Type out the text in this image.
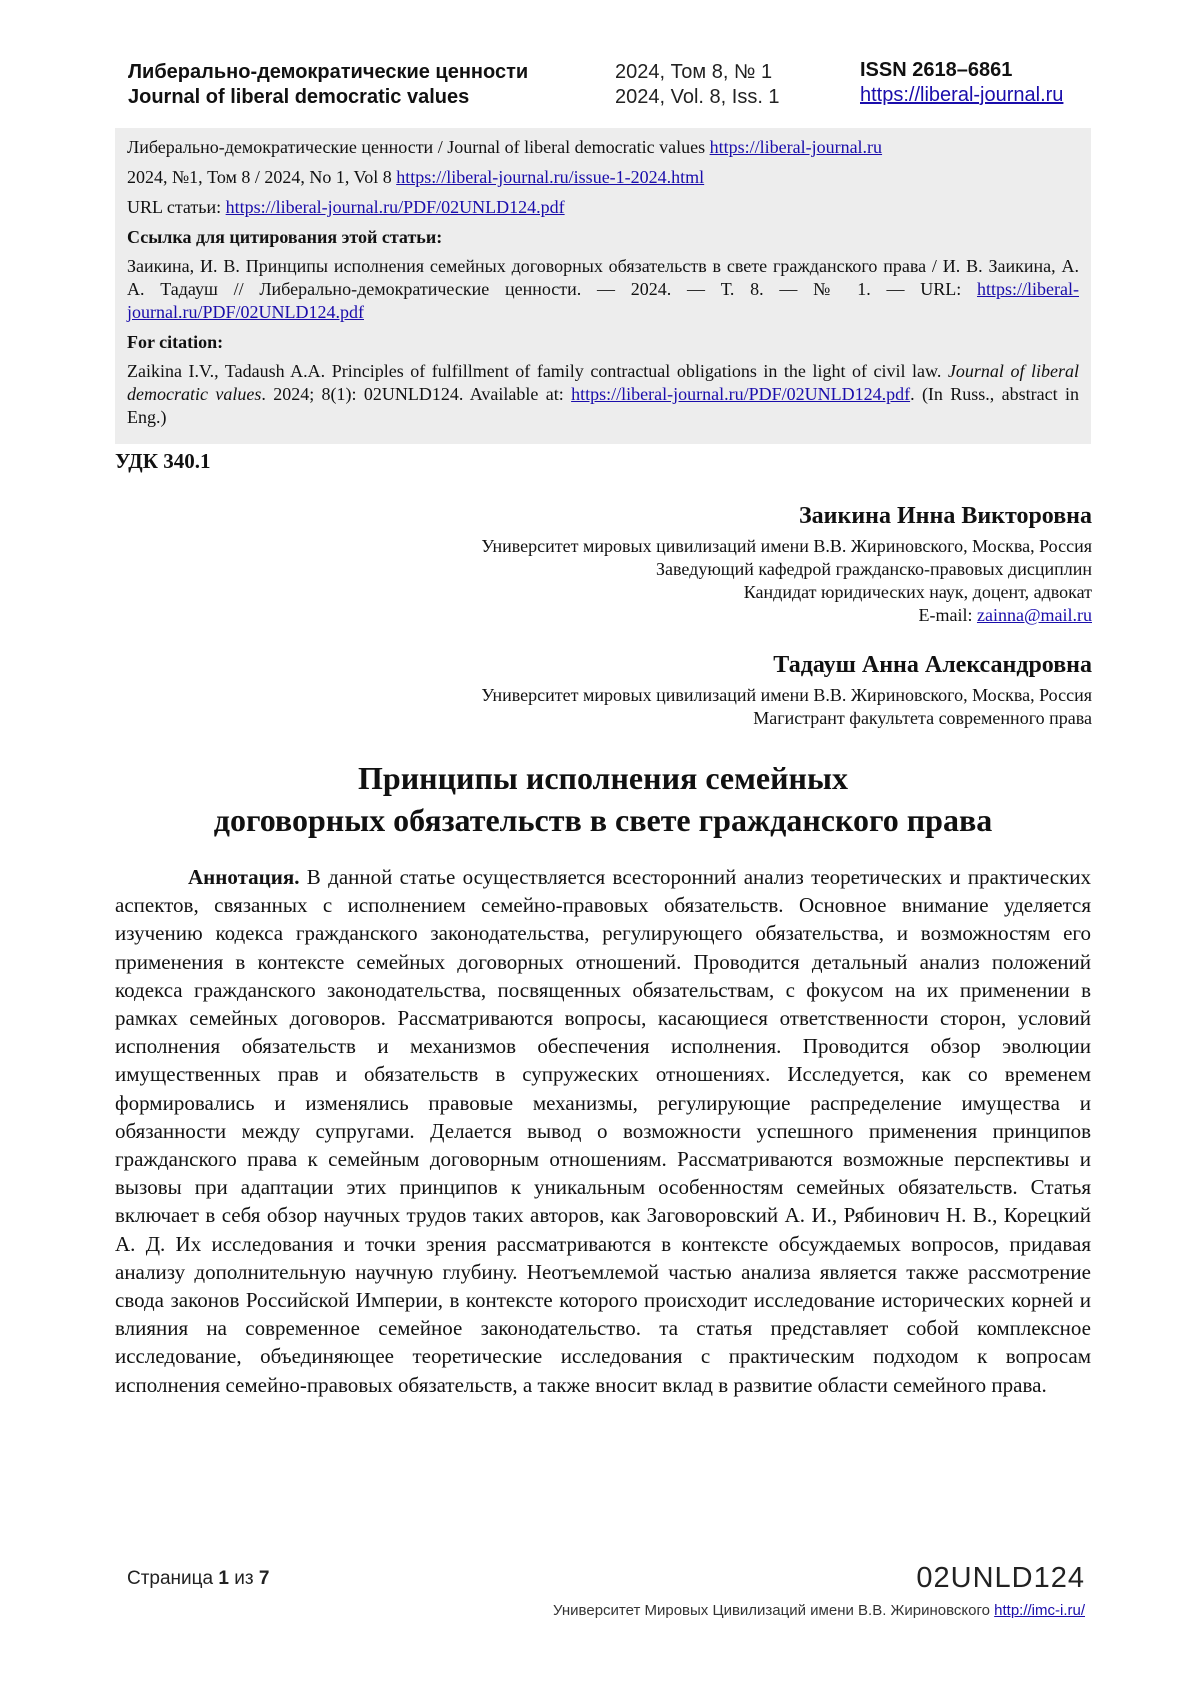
Либерально-демократические ценности
Journal of liberal democratic values
2024, Том 8, № 1
2024, Vol. 8, Iss. 1
ISSN 2618–6861
https://liberal-journal.ru

Либерально-демократические ценности / Journal of liberal democratic values https://liberal-journal.ru

2024, №1, Том 8 / 2024, No 1, Vol 8 https://liberal-journal.ru/issue-1-2024.html

URL статьи: https://liberal-journal.ru/PDF/02UNLD124.pdf

Ссылка для цитирования этой статьи:

Заикина, И. В. Принципы исполнения семейных договорных обязательств в свете гражданского права / И. В. Заикина, А. А. Тадауш // Либерально-демократические ценности. — 2024. — Т. 8. — № 1. — URL: https://liberal-journal.ru/PDF/02UNLD124.pdf

For citation:

Zaikina I.V., Tadaush A.A. Principles of fulfillment of family contractual obligations in the light of civil law. Journal of liberal democratic values. 2024; 8(1): 02UNLD124. Available at: https://liberal-journal.ru/PDF/02UNLD124.pdf. (In Russ., abstract in Eng.)

УДК 340.1
Заикина Инна Викторовна
Университет мировых цивилизаций имени В.В. Жириновского, Москва, Россия
Заведующий кафедрой гражданско-правовых дисциплин
Кандидат юридических наук, доцент, адвокат
E-mail: zainna@mail.ru
Тадауш Анна Александровна
Университет мировых цивилизаций имени В.В. Жириновского, Москва, Россия
Магистрант факультета современного права
Принципы исполнения семейных
договорных обязательств в свете гражданского права

Аннотация. В данной статье осуществляется всесторонний анализ теоретических и практических аспектов, связанных с исполнением семейно-правовых обязательств. Основное внимание уделяется изучению кодекса гражданского законодательства, регулирующего обязательства, и возможностям его применения в контексте семейных договорных отношений. Проводится детальный анализ положений кодекса гражданского законодательства, посвященных обязательствам, с фокусом на их применении в рамках семейных договоров. Рассматриваются вопросы, касающиеся ответственности сторон, условий исполнения обязательств и механизмов обеспечения исполнения. Проводится обзор эволюции имущественных прав и обязательств в супружеских отношениях. Исследуется, как со временем формировались и изменялись правовые механизмы, регулирующие распределение имущества и обязанности между супругами. Делается вывод о возможности успешного применения принципов гражданского права к семейным договорным отношениям. Рассматриваются возможные перспективы и вызовы при адаптации этих принципов к уникальным особенностям семейных обязательств. Статья включает в себя обзор научных трудов таких авторов, как Заговоровский А. И., Рябинович Н. В., Корецкий А. Д. Их исследования и точки зрения рассматриваются в контексте обсуждаемых вопросов, придавая анализу дополнительную научную глубину. Неотъемлемой частью анализа является также рассмотрение свода законов Российской Империи, в контексте которого происходит исследование исторических корней и влияния на современное семейное законодательство. та статья представляет собой комплексное исследование, объединяющее теоретические исследования с практическим подходом к вопросам исполнения семейно-правовых обязательств, а также вносит вклад в развитие области семейного права.

Страница 1 из 7	02UNLD124
Университет Мировых Цивилизаций имени В.В. Жириновского http://imc-i.ru/
